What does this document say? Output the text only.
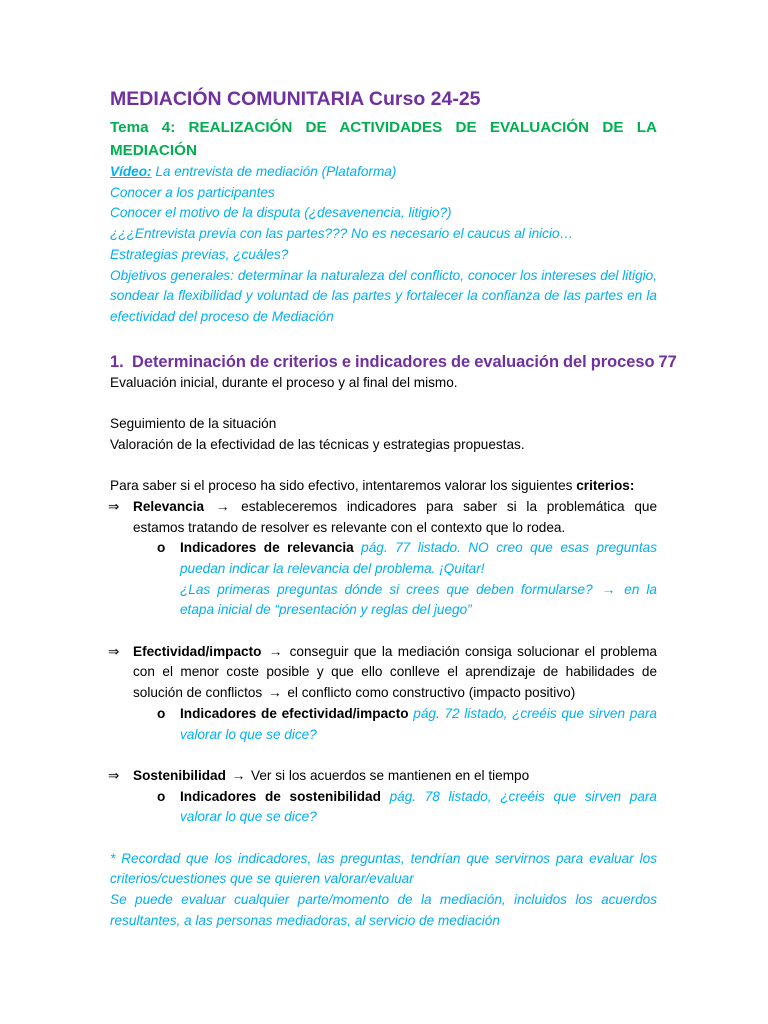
MEDIACIÓN COMUNITARIA Curso 24-25

Tema 4: REALIZACIÓN DE ACTIVIDADES DE EVALUACIÓN DE LA MEDIACIÓN

Vídeo: La entrevista de mediación (Plataforma)

Conocer a los participantes

Conocer el motivo de la disputa (¿desavenencia, litigio?)

¿¿¿Entrevista previa con las partes??? No es necesario el caucus al inicio…

Estrategias previas, ¿cuáles?

Objetivos generales: determinar la naturaleza del conflicto, conocer los intereses del litigio, sondear la flexibilidad y voluntad de las partes y fortalecer la confianza de las partes en la efectividad del proceso de Mediación

1. Determinación de criterios e indicadores de evaluación del proceso 77

Evaluación inicial, durante el proceso y al final del mismo.

Seguimiento de la situación

Valoración de la efectividad de las técnicas y estrategias propuestas.

Para saber si el proceso ha sido efectivo, intentaremos valorar los siguientes criterios:

⇒	Relevancia → estableceremos indicadores para saber si la problemática que estamos tratando de resolver es relevante con el contexto que lo rodea.
o Indicadores de relevancia pág. 77 listado. NO creo que esas preguntas puedan indicar la relevancia del problema. ¡Quitar!
¿Las primeras preguntas dónde si crees que deben formularse? → en la etapa inicial de “presentación y reglas del juego”
⇒	Efectividad/impacto → conseguir que la mediación consiga solucionar el problema con el menor coste posible y que ello conlleve el aprendizaje de habilidades de solución de conflictos → el conflicto como constructivo (impacto positivo)
o Indicadores de efectividad/impacto pág. 72 listado, ¿creéis que sirven para valorar lo que se dice?
⇒	Sostenibilidad → Ver si los acuerdos se mantienen en el tiempo
o Indicadores de sostenibilidad pág. 78 listado, ¿creéis que sirven para valorar lo que se dice?

* Recordad que los indicadores, las preguntas, tendrían que servirnos para evaluar los criterios/cuestiones que se quieren valorar/evaluar

Se puede evaluar cualquier parte/momento de la mediación, incluidos los acuerdos resultantes, a las personas mediadoras, al servicio de mediación
